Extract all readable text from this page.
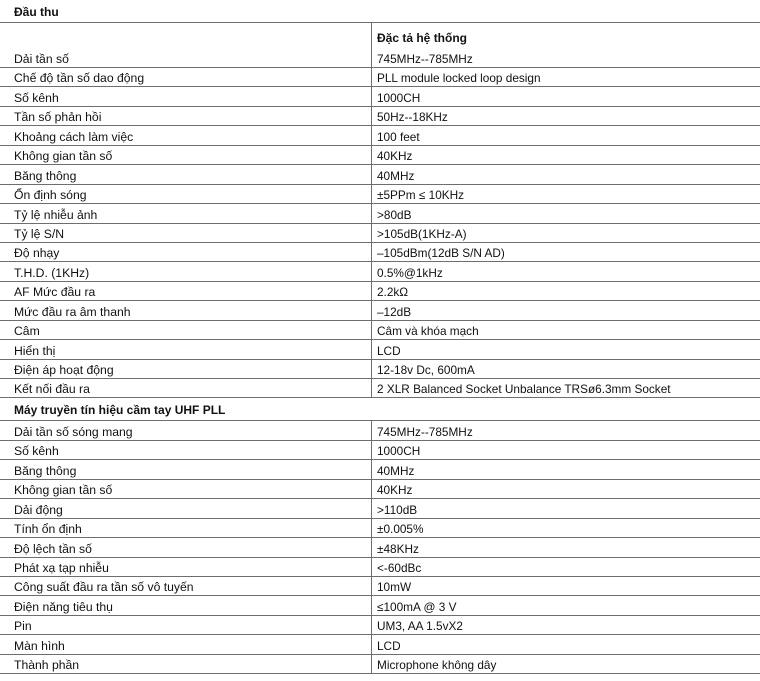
Đầu thu
Đặc tả hệ thống
Dải tần số	745MHz--785MHz
Chế độ tần số dao động	PLL module locked loop design
Số kênh	1000CH
Tần số phản hồi	50Hz--18KHz
Khoảng cách làm việc	100 feet
Không gian tần số	40KHz
Băng thông	40MHz
Ổn định sóng	±5PPm ≤ 10KHz
Tỷ lệ nhiễu ảnh	>80dB
Tỷ lệ S/N	>105dB(1KHz-A)
Độ nhạy	–105dBm(12dB S/N AD)
T.H.D. (1KHz)	0.5%@1kHz
AF Mức đầu ra	2.2kΩ
Mức đầu ra âm thanh	–12dB
Câm	Câm và khóa mạch
Hiển thị	LCD
Điện áp hoạt động	12-18v Dc, 600mA
Kết nối đầu ra	2 XLR Balanced Socket Unbalance TRSø6.3mm Socket
Máy truyền tín hiệu cầm tay UHF PLL
Dải tần số sóng mang	745MHz--785MHz
Số kênh	1000CH
Băng thông	40MHz
Không gian tần số	40KHz
Dải động	>110dB
Tính ổn định	±0.005%
Độ lệch tần số	±48KHz
Phát xạ tạp nhiễu	<-60dBc
Công suất đầu ra tần số vô tuyến	10mW
Điện năng tiêu thụ	≤100mA @ 3 V
Pin	UM3, AA 1.5vX2
Màn hình	LCD
Thành phần	Microphone không dây
